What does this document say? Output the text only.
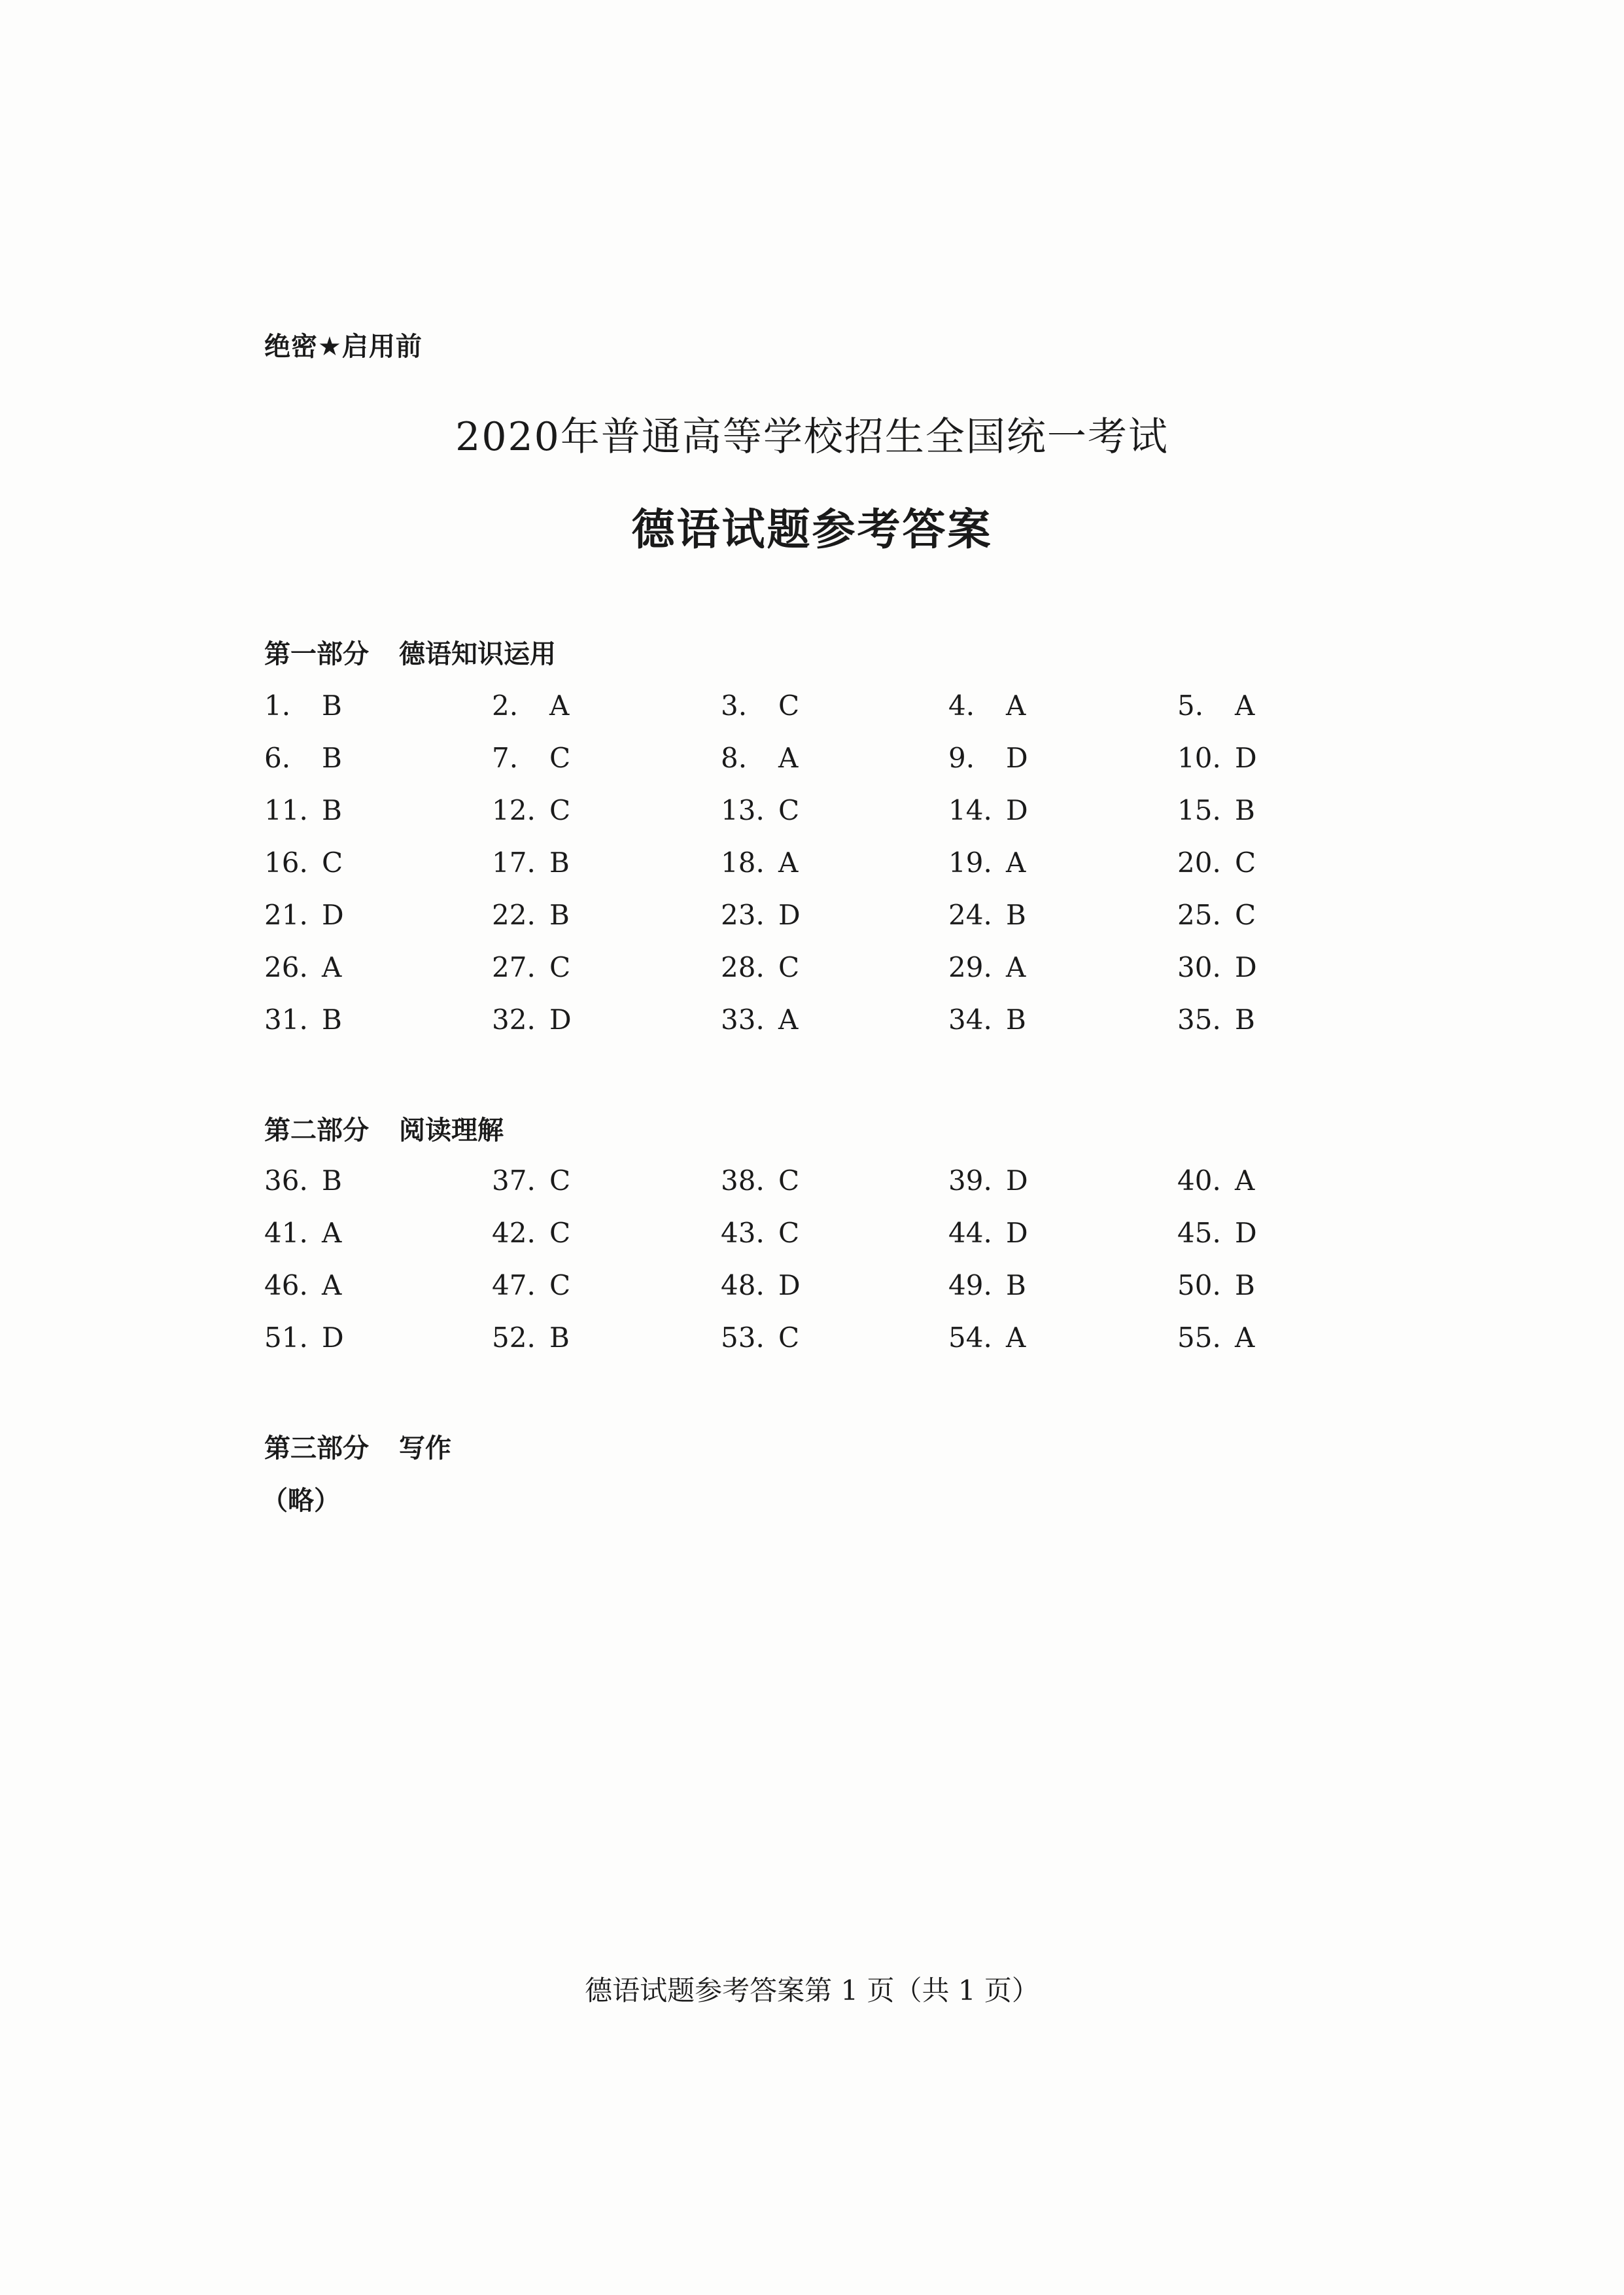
绝密★启用前
2020年普通高等学校招生全国统一考试
德语试题参考答案
第一部分 德语知识运用
1. B	2. A	3. C	4. A	5. A
6. B	7. C	8. A	9. D	10. D
11. B	12. C	13. C	14. D	15. B
16. C	17. B	18. A	19. A	20. C
21. D	22. B	23. D	24. B	25. C
26. A	27. C	28. C	29. A	30. D
31. B	32. D	33. A	34. B	35. B
第二部分 阅读理解
36. B	37. C	38. C	39. D	40. A
41. A	42. C	43. C	44. D	45. D
46. A	47. C	48. D	49. B	50. B
51. D	52. B	53. C	54. A	55. A
第三部分 写作
（略）
德语试题参考答案第 1 页（共 1 页）
